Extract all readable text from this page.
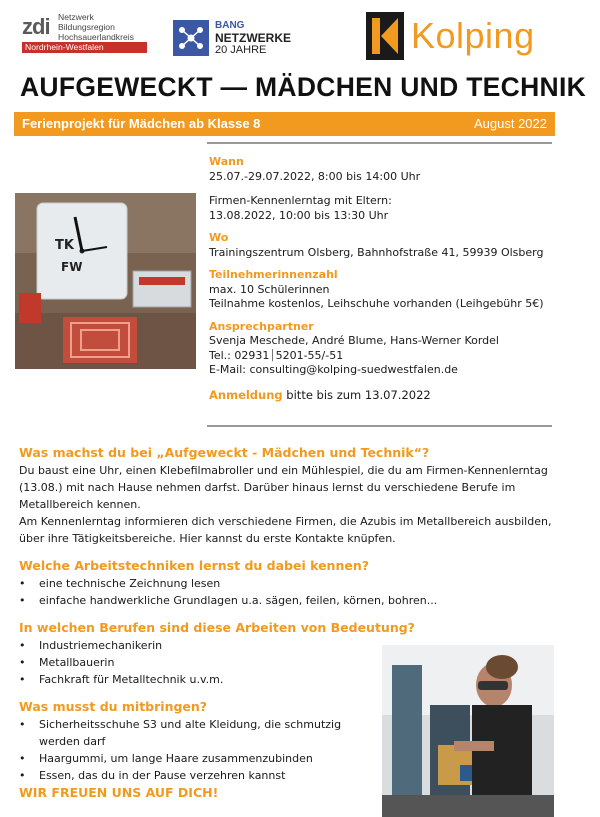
zdi Netzwerk
Bildungsregion
Hochsauerlandkreis
Nordrhein-Westfalen
BANG
NETZWERKE
20 JAHRE	Kolping
AUFGEWECKT — MÄDCHEN UND TECHNIK
Ferienprojekt für Mädchen ab Klasse 8	August 2022
TK
FW
Wann

25.07.-29.07.2022, 8:00 bis 14:00 Uhr

Firmen-Kennenlerntag mit Eltern:

13.08.2022, 10:00 bis 13:30 Uhr

Wo

Trainingszentrum Olsberg, Bahnhofstraße 41, 59939 Olsberg

Teilnehmerinnenzahl

max. 10 Schülerinnen

Teilnahme kostenlos, Leihschuhe vorhanden (Leihgebühr 5€)

Ansprechpartner

Svenja Meschede, André Blume, Hans-Werner Kordel

Tel.: 02931⏐5201-55/-51

E-Mail: consulting@kolping-suedwestfalen.de

Anmeldung bitte bis zum 13.07.2022
Was machst du bei „Aufgeweckt - Mädchen und Technik“?

Du baust eine Uhr, einen Klebefilmabroller und ein Mühlespiel, die du am Firmen-Kennenlerntag (13.08.) mit nach Hause nehmen darfst. Darüber hinaus lernst du verschiedene Berufe im Metallbereich kennen.

Am Kennenlerntag informieren dich verschiedene Firmen, die Azubis im Metallbereich ausbilden, über ihre Tätigkeitsbereiche. Hier kannst du erste Kontakte knüpfen.

Welche Arbeitstechniken lernst du dabei kennen?
• eine technische Zeichnung lesen
• einfache handwerkliche Grundlagen u.a. sägen, feilen, körnen, bohren...
In welchen Berufen sind diese Arbeiten von Bedeutung?
• Industriemechanikerin
• Metallbauerin
• Fachkraft für Metalltechnik u.v.m.
Was musst du mitbringen?
• Sicherheitsschuhe S3 und alte Kleidung, die schmutzig werden darf
• Haargummi, um lange Haare zusammenzubinden
• Essen, das du in der Pause verzehren kannst
WIR FREUEN UNS AUF DICH!
